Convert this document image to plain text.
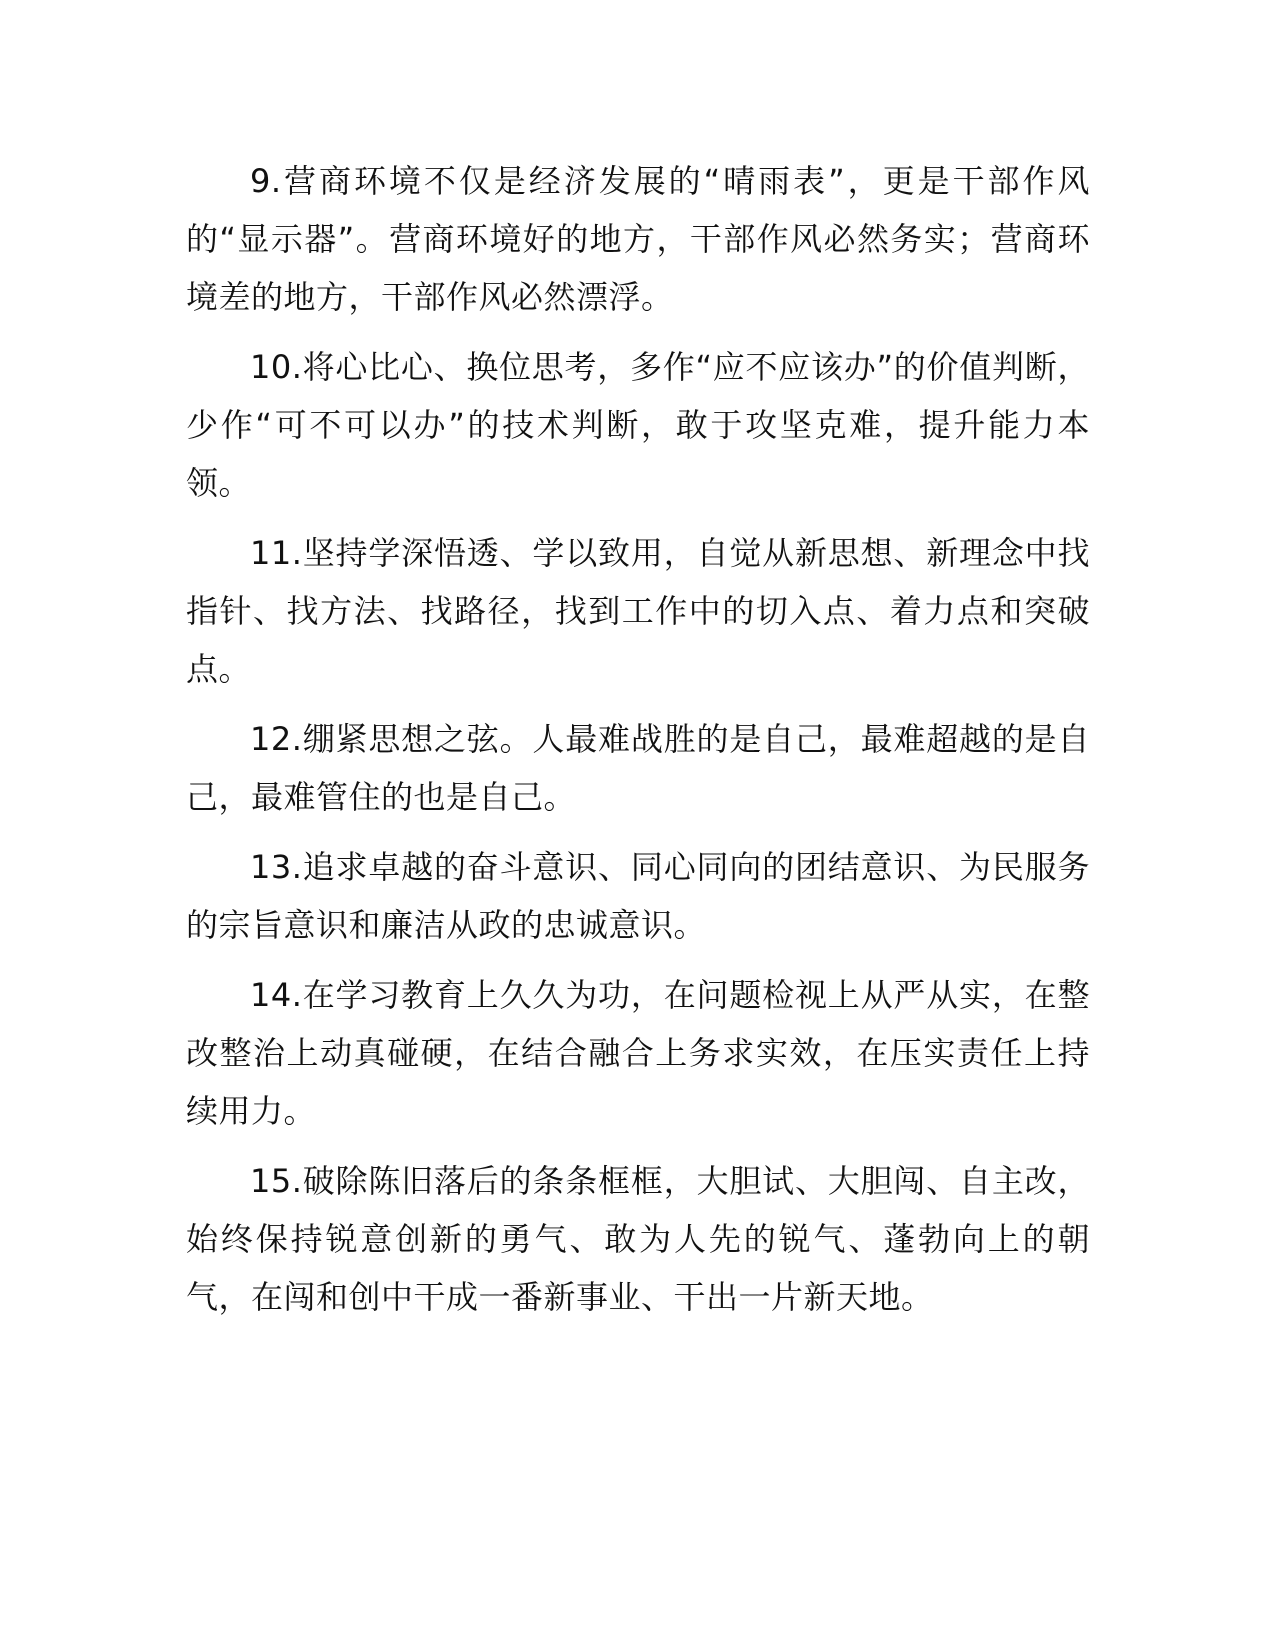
9.营商环境不仅是经济发展的“晴雨表”，更是干部作风的“显示器”。营商环境好的地方，干部作风必然务实；营商环境差的地方，干部作风必然漂浮。

10.将心比心、换位思考，多作“应不应该办”的价值判断，少作“可不可以办”的技术判断，敢于攻坚克难，提升能力本领。

11.坚持学深悟透、学以致用，自觉从新思想、新理念中找指针、找方法、找路径，找到工作中的切入点、着力点和突破点。

12.绷紧思想之弦。人最难战胜的是自己，最难超越的是自己，最难管住的也是自己。

13.追求卓越的奋斗意识、同心同向的团结意识、为民服务的宗旨意识和廉洁从政的忠诚意识。

14.在学习教育上久久为功，在问题检视上从严从实，在整改整治上动真碰硬，在结合融合上务求实效，在压实责任上持续用力。

15.破除陈旧落后的条条框框，大胆试、大胆闯、自主改，始终保持锐意创新的勇气、敢为人先的锐气、蓬勃向上的朝气，在闯和创中干成一番新事业、干出一片新天地。
